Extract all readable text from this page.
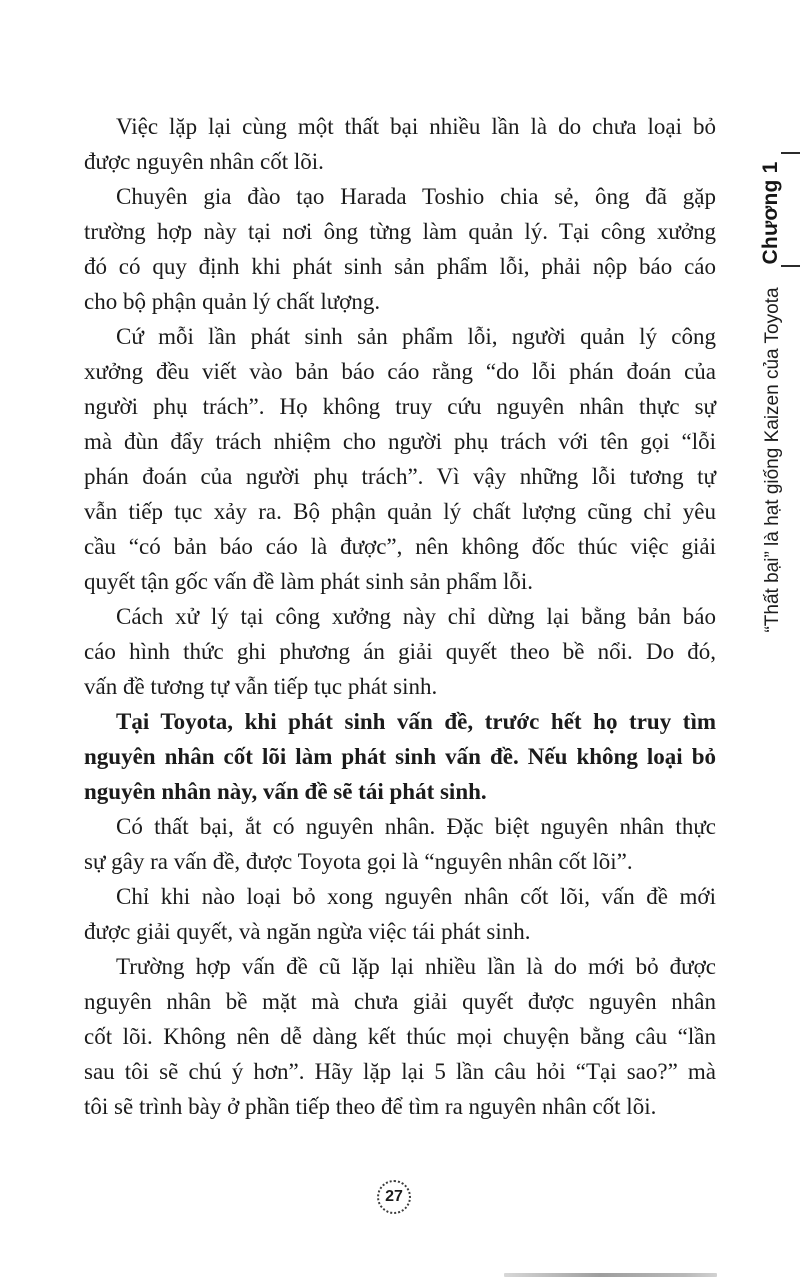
Việc lặp lại cùng một thất bại nhiều lần là do chưa loại bỏ
được nguyên nhân cốt lõi.
Chuyên gia đào tạo Harada Toshio chia sẻ, ông đã gặp
trường hợp này tại nơi ông từng làm quản lý. Tại công xưởng
đó có quy định khi phát sinh sản phẩm lỗi, phải nộp báo cáo
cho bộ phận quản lý chất lượng.
Cứ mỗi lần phát sinh sản phẩm lỗi, người quản lý công
xưởng đều viết vào bản báo cáo rằng “do lỗi phán đoán của
người phụ trách”. Họ không truy cứu nguyên nhân thực sự
mà đùn đẩy trách nhiệm cho người phụ trách với tên gọi “lỗi
phán đoán của người phụ trách”. Vì vậy những lỗi tương tự
vẫn tiếp tục xảy ra. Bộ phận quản lý chất lượng cũng chỉ yêu
cầu “có bản báo cáo là được”, nên không đốc thúc việc giải
quyết tận gốc vấn đề làm phát sinh sản phẩm lỗi.
Cách xử lý tại công xưởng này chỉ dừng lại bằng bản báo
cáo hình thức ghi phương án giải quyết theo bề nổi. Do đó,
vấn đề tương tự vẫn tiếp tục phát sinh.
Tại Toyota, khi phát sinh vấn đề, trước hết họ truy tìm
nguyên nhân cốt lõi làm phát sinh vấn đề. Nếu không loại bỏ
nguyên nhân này, vấn đề sẽ tái phát sinh.
Có thất bại, ắt có nguyên nhân. Đặc biệt nguyên nhân thực
sự gây ra vấn đề, được Toyota gọi là “nguyên nhân cốt lõi”.
Chỉ khi nào loại bỏ xong nguyên nhân cốt lõi, vấn đề mới
được giải quyết, và ngăn ngừa việc tái phát sinh.
Trường hợp vấn đề cũ lặp lại nhiều lần là do mới bỏ được
nguyên nhân bề mặt mà chưa giải quyết được nguyên nhân
cốt lõi. Không nên dễ dàng kết thúc mọi chuyện bằng câu “lần
sau tôi sẽ chú ý hơn”. Hãy lặp lại 5 lần câu hỏi “Tại sao?” mà
tôi sẽ trình bày ở phần tiếp theo để tìm ra nguyên nhân cốt lõi.
Chương 1
“Thất bại” là hạt giống Kaizen của Toyota
27
